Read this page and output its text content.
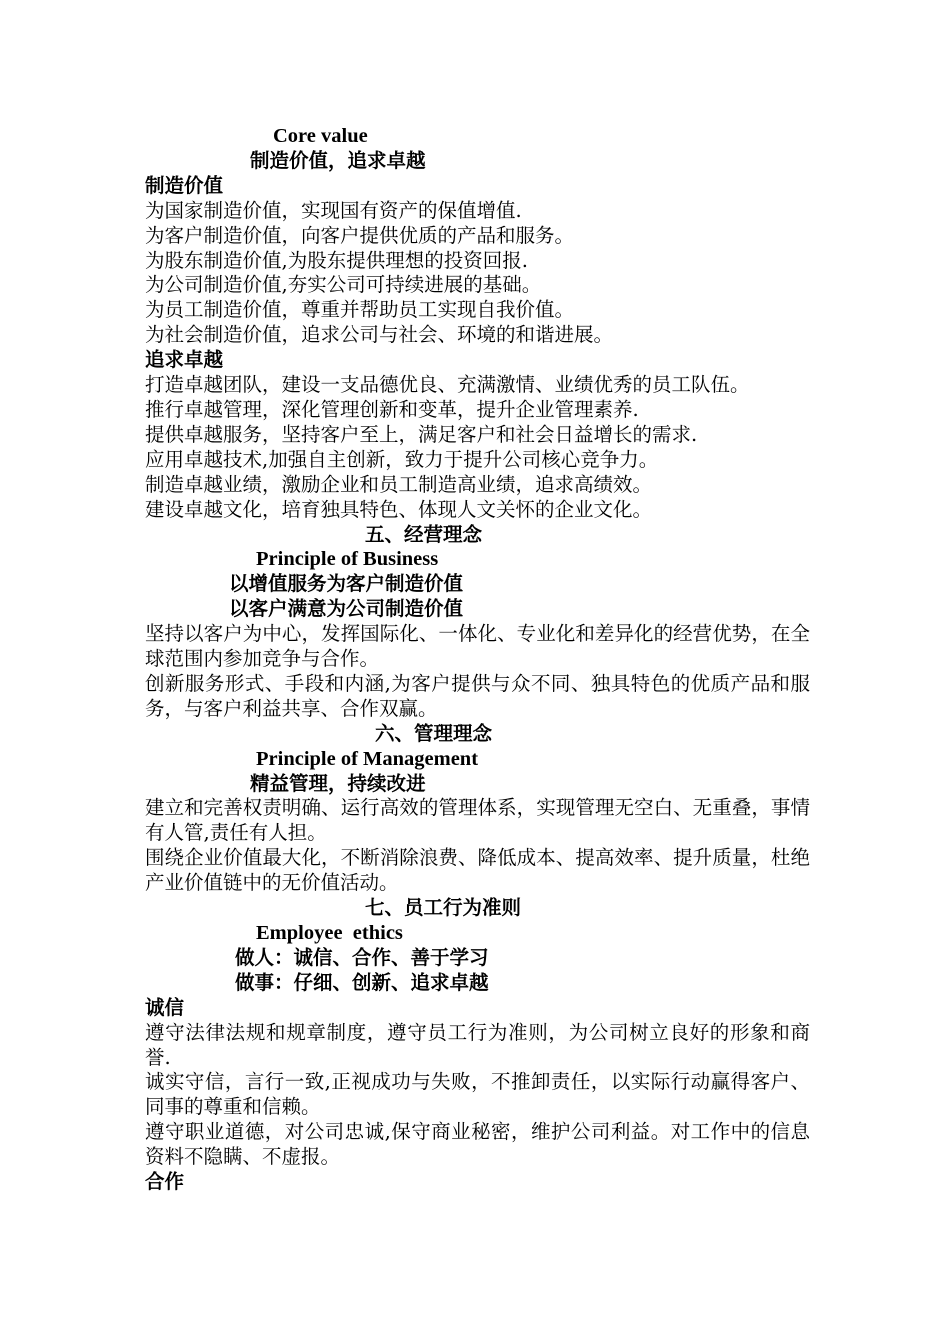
Core value

制造价值，追求卓越

制造价值

为国家制造价值，实现国有资产的保值增值.

为客户制造价值，向客户提供优质的产品和服务。

为股东制造价值,为股东提供理想的投资回报.

为公司制造价值,夯实公司可持续进展的基础。

为员工制造价值，尊重并帮助员工实现自我价值。

为社会制造价值，追求公司与社会、环境的和谐进展。

追求卓越

打造卓越团队，建设一支品德优良、充满激情、业绩优秀的员工队伍。

推行卓越管理，深化管理创新和变革，提升企业管理素养.

提供卓越服务，坚持客户至上，满足客户和社会日益增长的需求.

应用卓越技术,加强自主创新，致力于提升公司核心竞争力。

制造卓越业绩，激励企业和员工制造高业绩，追求高绩效。

建设卓越文化，培育独具特色、体现人文关怀的企业文化。

五、经营理念

Principle of Business

以增值服务为客户制造价值

以客户满意为公司制造价值

坚持以客户为中心，发挥国际化、一体化、专业化和差异化的经营优势，在全球范围内参加竞争与合作。

创新服务形式、手段和内涵,为客户提供与众不同、独具特色的优质产品和服务，与客户利益共享、合作双赢。

六、管理理念

Principle of Management

精益管理，持续改进

建立和完善权责明确、运行高效的管理体系，实现管理无空白、无重叠，事情有人管,责任有人担。

围绕企业价值最大化，不断消除浪费、降低成本、提高效率、提升质量，杜绝产业价值链中的无价值活动。

七、员工行为准则

Employee  ethics

做人：诚信、合作、善于学习

做事：仔细、创新、追求卓越

诚信

遵守法律法规和规章制度，遵守员工行为准则，为公司树立良好的形象和商誉.

诚实守信，言行一致,正视成功与失败，不推卸责任，以实际行动赢得客户、同事的尊重和信赖。

遵守职业道德，对公司忠诚,保守商业秘密，维护公司利益。对工作中的信息资料不隐瞒、不虚报。

合作
